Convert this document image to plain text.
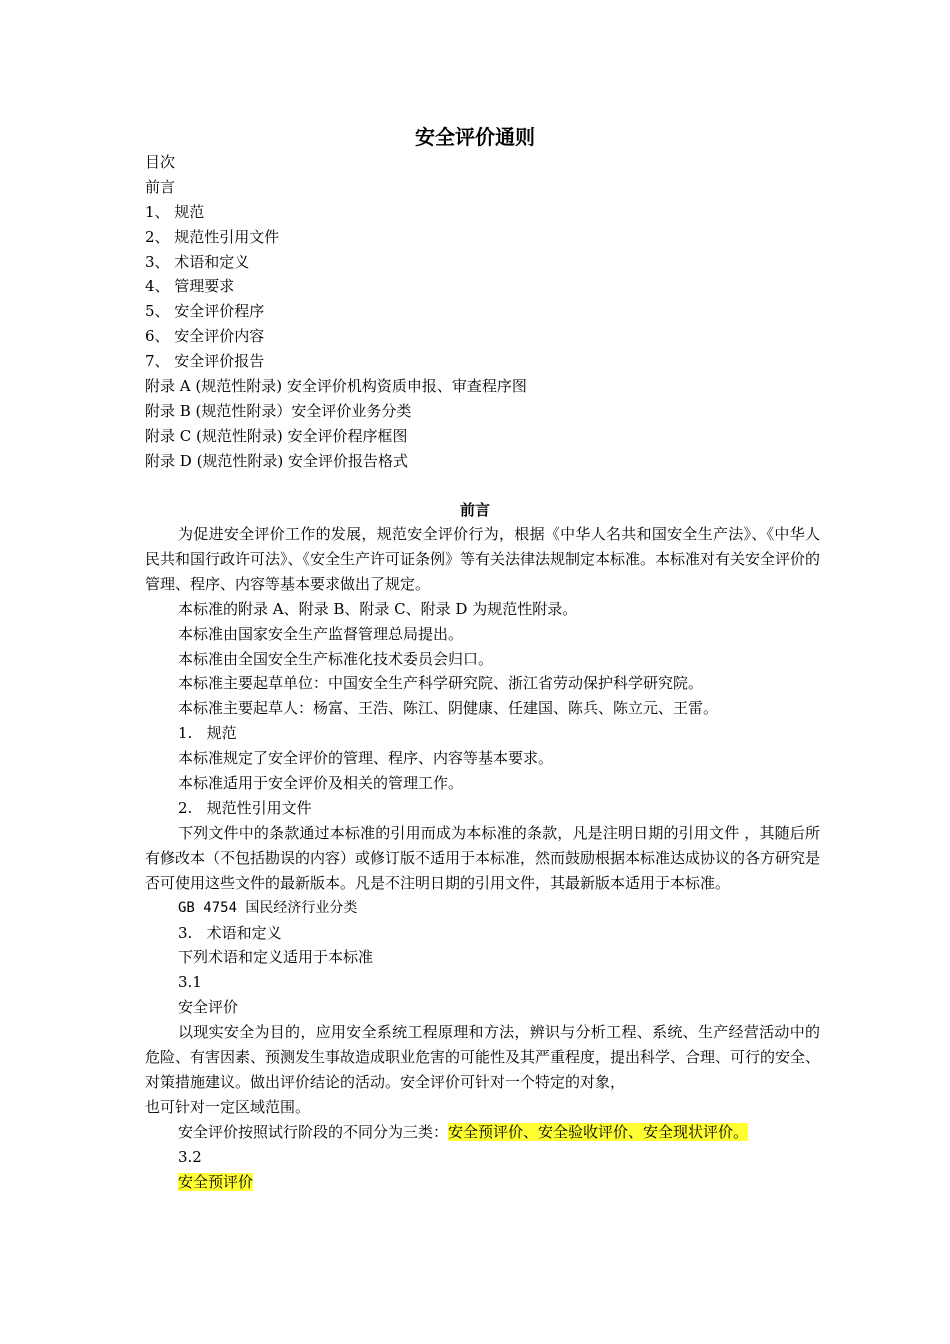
安全评价通则
目次
前言
1、 规范
2、 规范性引用文件
3、 术语和定义
4、 管理要求
5、 安全评价程序
6、 安全评价内容
7、 安全评价报告
附录 A (规范性附录) 安全评价机构资质申报、审查程序图
附录 B (规范性附录）安全评价业务分类
附录 C (规范性附录) 安全评价程序框图
附录 D (规范性附录) 安全评价报告格式
前言

为促进安全评价工作的发展，规范安全评价行为，根据《中华人名共和国安全生产法》、《中华人民共和国行政许可法》、《安全生产许可证条例》等有关法律法规制定本标准。本标准对有关安全评价的管理、程序、内容等基本要求做出了规定。

本标准的附录 A、附录 B、附录 C、附录 D 为规范性附录。

本标准由国家安全生产监督管理总局提出。

本标准由全国安全生产标准化技术委员会归口。

本标准主要起草单位：中国安全生产科学研究院、浙江省劳动保护科学研究院。

本标准主要起草人：杨富、王浩、陈江、阴健康、任建国、陈兵、陈立元、王雷。

1.   规范

本标准规定了安全评价的管理、程序、内容等基本要求。

本标准适用于安全评价及相关的管理工作。

2.   规范性引用文件

下列文件中的条款通过本标准的引用而成为本标准的条款，凡是注明日期的引用文件 ，其随后所有修改本（不包括勘误的内容）或修订版不适用于本标准，然而鼓励根据本标准达成协议的各方研究是否可使用这些文件的最新版本。凡是不注明日期的引用文件，其最新版本适用于本标准。

GB 4754 国民经济行业分类

3.   术语和定义

下列术语和定义适用于本标准

3.1

安全评价

以现实安全为目的，应用安全系统工程原理和方法，辨识与分析工程、系统、生产经营活动中的危险、有害因素、预测发生事故造成职业危害的可能性及其严重程度，提出科学、合理、可行的安全、对策措施建议。做出评价结论的活动。安全评价可针对一个特定的对象，

也可针对一定区域范围。

安全评价按照试行阶段的不同分为三类：安全预评价、安全验收评价、安全现状评价。

3.2

安全预评价
